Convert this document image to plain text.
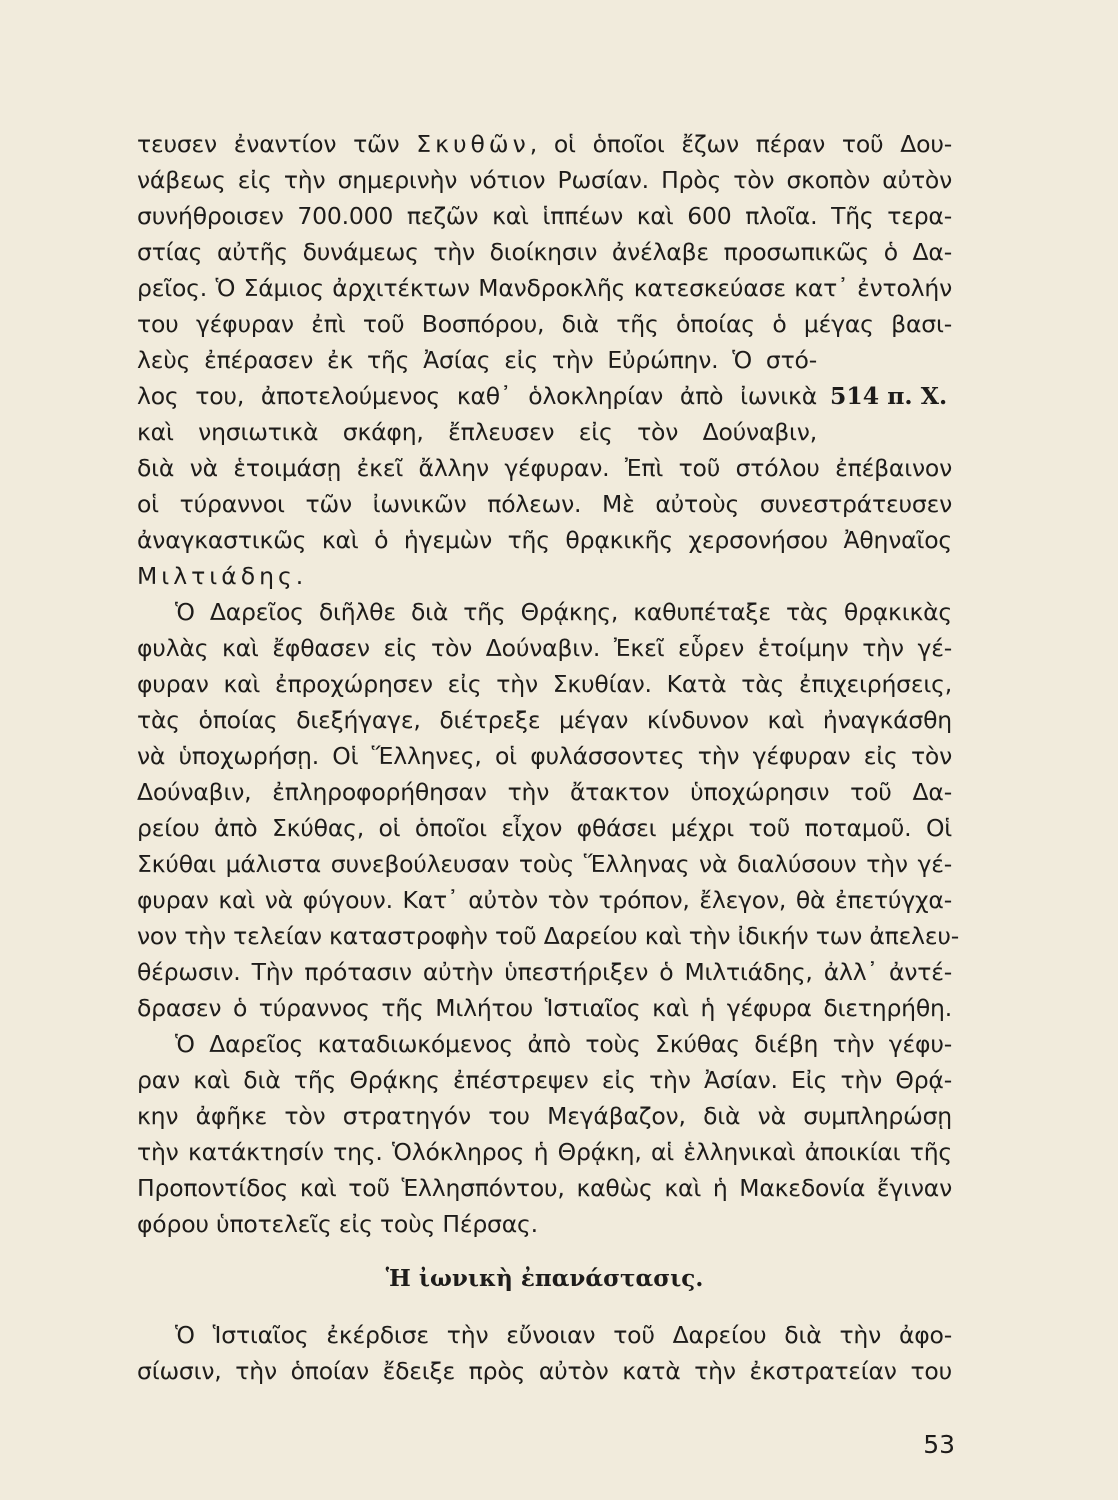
τευσεν ἐναντίον τῶν Σκυθῶν, οἱ ὁποῖοι ἔζων πέραν τοῦ Δου-
νάβεως εἰς τὴν σημερινὴν νότιον Ρωσίαν. Πρὸς τὸν σκοπὸν αὐτὸν
συνήθροισεν 700.000 πεζῶν καὶ ἱππέων καὶ 600 πλοῖα. Τῆς τερα-
στίας αὐτῆς δυνάμεως τὴν διοίκησιν ἀνέλαβε προσωπικῶς ὁ Δα-
ρεῖος. Ὁ Σάμιος ἀρχιτέκτων Μανδροκλῆς κατεσκεύασε κατ᾽ ἐντολήν
του γέφυραν ἐπὶ τοῦ Βοσπόρου, διὰ τῆς ὁποίας ὁ μέγας βασι-
λεὺς ἐπέρασεν ἐκ τῆς Ἀσίας εἰς τὴν Εὐρώπην. Ὁ στό-
λος του, ἀποτελούμενος καθ᾽ ὁλοκληρίαν ἀπὸ ἰωνικὰ 514 π. Χ.
καὶ νησιωτικὰ σκάφη, ἔπλευσεν εἰς τὸν Δούναβιν,
διὰ νὰ ἑτοιμάσῃ ἐκεῖ ἄλλην γέφυραν. Ἐπὶ τοῦ στόλου ἐπέβαινον
οἱ τύραννοι τῶν ἰωνικῶν πόλεων. Μὲ αὐτοὺς συνεστράτευσεν
ἀναγκαστικῶς καὶ ὁ ἡγεμὼν τῆς θρᾳκικῆς χερσονήσου Ἀθηναῖος
Μιλτιάδης.
Ὁ Δαρεῖος διῆλθε διὰ τῆς Θρᾴκης, καθυπέταξε τὰς θρᾳκικὰς
φυλὰς καὶ ἔφθασεν εἰς τὸν Δούναβιν. Ἐκεῖ εὗρεν ἑτοίμην τὴν γέ-
φυραν καὶ ἐπροχώρησεν εἰς τὴν Σκυθίαν. Κατὰ τὰς ἐπιχειρήσεις,
τὰς ὁποίας διεξήγαγε, διέτρεξε μέγαν κίνδυνον καὶ ἠναγκάσθη
νὰ ὑποχωρήσῃ. Οἱ Ἕλληνες, οἱ φυλάσσοντες τὴν γέφυραν εἰς τὸν
Δούναβιν, ἐπληροφορήθησαν τὴν ἄτακτον ὑποχώρησιν τοῦ Δα-
ρείου ἀπὸ Σκύθας, οἱ ὁποῖοι εἶχον φθάσει μέχρι τοῦ ποταμοῦ. Οἱ
Σκύθαι μάλιστα συνεβούλευσαν τοὺς Ἕλληνας νὰ διαλύσουν τὴν γέ-
φυραν καὶ νὰ φύγουν. Κατ᾽ αὐτὸν τὸν τρόπον, ἔλεγον, θὰ ἐπετύγχα-
νον τὴν τελείαν καταστροφὴν τοῦ Δαρείου καὶ τὴν ἰδικήν των ἀπελευ-
θέρωσιν. Τὴν πρότασιν αὐτὴν ὑπεστήριξεν ὁ Μιλτιάδης, ἀλλ᾽ ἀντέ-
δρασεν ὁ τύραννος τῆς Μιλήτου Ἱστιαῖος καὶ ἡ γέφυρα διετηρήθη.
Ὁ Δαρεῖος καταδιωκόμενος ἀπὸ τοὺς Σκύθας διέβη τὴν γέφυ-
ραν καὶ διὰ τῆς Θρᾴκης ἐπέστρεψεν εἰς τὴν Ἀσίαν. Εἰς τὴν Θρᾴ-
κην ἀφῆκε τὸν στρατηγόν του Μεγάβαζον, διὰ νὰ συμπληρώσῃ
τὴν κατάκτησίν της. Ὁλόκληρος ἡ Θρᾴκη, αἱ ἑλληνικαὶ ἀποικίαι τῆς
Προποντίδος καὶ τοῦ Ἑλλησπόντου, καθὼς καὶ ἡ Μακεδονία ἔγιναν
φόρου ὑποτελεῖς εἰς τοὺς Πέρσας.
Ἡ ἰωνικὴ ἐπανάστασις.
Ὁ Ἱστιαῖος ἐκέρδισε τὴν εὔνοιαν τοῦ Δαρείου διὰ τὴν ἀφο-
σίωσιν, τὴν ὁποίαν ἔδειξε πρὸς αὐτὸν κατὰ τὴν ἐκστρατείαν του
53
